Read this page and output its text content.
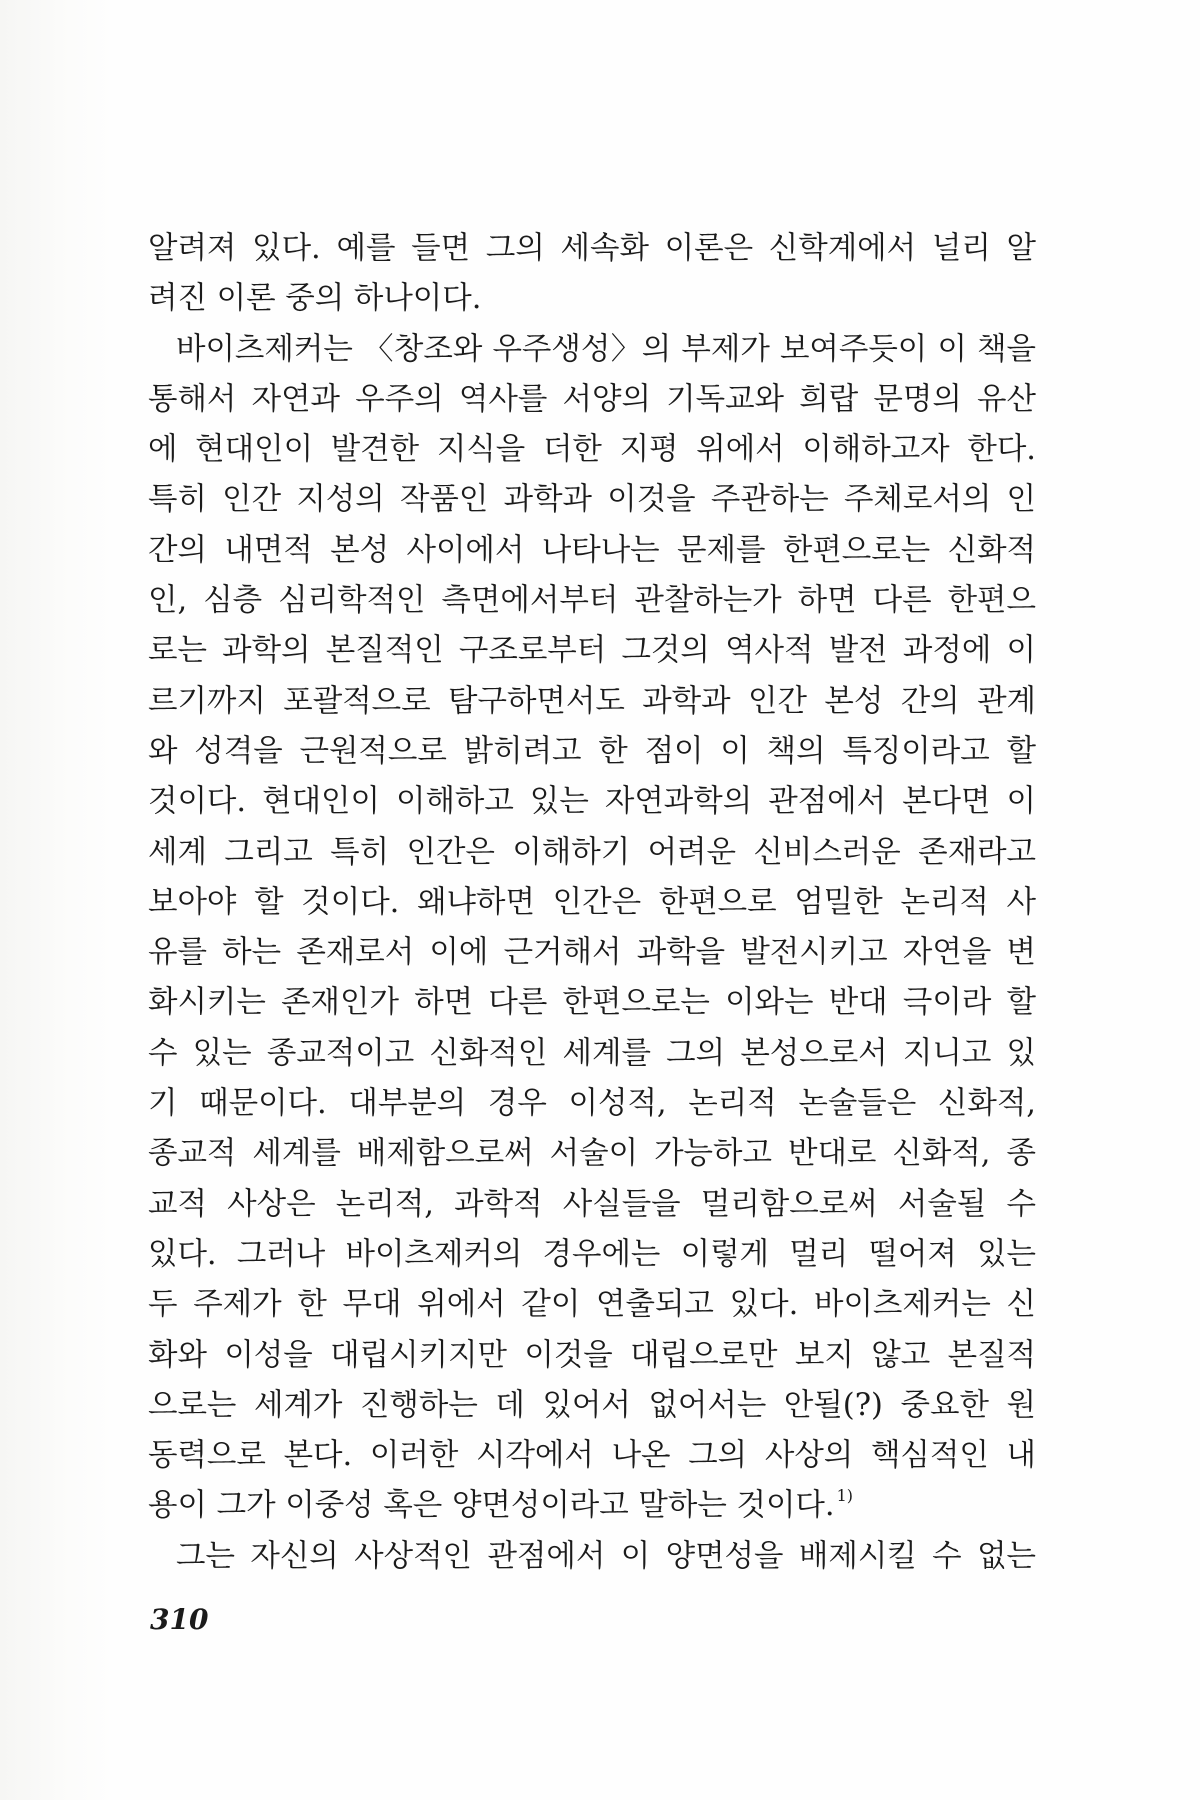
알려져 있다. 예를 들면 그의 세속화 이론은 신학계에서 널리 알
려진 이론 중의 하나이다.
바이츠제커는 〈창조와 우주생성〉의 부제가 보여주듯이 이 책을
통해서 자연과 우주의 역사를 서양의 기독교와 희랍 문명의 유산
에 현대인이 발견한 지식을 더한 지평 위에서 이해하고자 한다.
특히 인간 지성의 작품인 과학과 이것을 주관하는 주체로서의 인
간의 내면적 본성 사이에서 나타나는 문제를 한편으로는 신화적
인, 심층 심리학적인 측면에서부터 관찰하는가 하면 다른 한편으
로는 과학의 본질적인 구조로부터 그것의 역사적 발전 과정에 이
르기까지 포괄적으로 탐구하면서도 과학과 인간 본성 간의 관계
와 성격을 근원적으로 밝히려고 한 점이 이 책의 특징이라고 할
것이다. 현대인이 이해하고 있는 자연과학의 관점에서 본다면 이
세계 그리고 특히 인간은 이해하기 어려운 신비스러운 존재라고
보아야 할 것이다. 왜냐하면 인간은 한편으로 엄밀한 논리적 사
유를 하는 존재로서 이에 근거해서 과학을 발전시키고 자연을 변
화시키는 존재인가 하면 다른 한편으로는 이와는 반대 극이라 할
수 있는 종교적이고 신화적인 세계를 그의 본성으로서 지니고 있
기 때문이다. 대부분의 경우 이성적, 논리적 논술들은 신화적,
종교적 세계를 배제함으로써 서술이 가능하고 반대로 신화적, 종
교적 사상은 논리적, 과학적 사실들을 멀리함으로써 서술될 수
있다. 그러나 바이츠제커의 경우에는 이렇게 멀리 떨어져 있는
두 주제가 한 무대 위에서 같이 연출되고 있다. 바이츠제커는 신
화와 이성을 대립시키지만 이것을 대립으로만 보지 않고 본질적
으로는 세계가 진행하는 데 있어서 없어서는 안될(?) 중요한 원
동력으로 본다. 이러한 시각에서 나온 그의 사상의 핵심적인 내
용이 그가 이중성 혹은 양면성이라고 말하는 것이다. $^{1)}$
그는 자신의 사상적인 관점에서 이 양면성을 배제시킬 수 없는
310
